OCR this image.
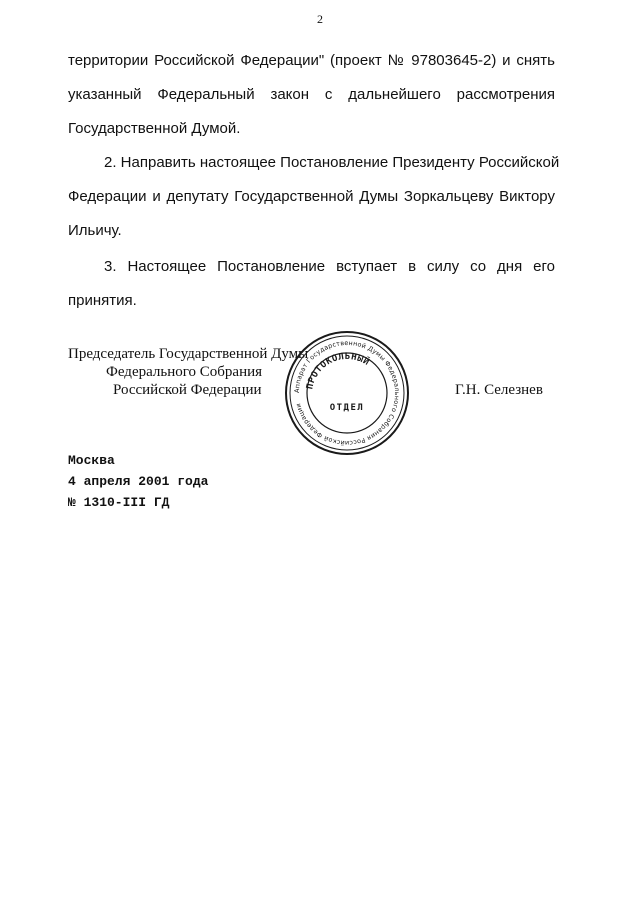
2
территории Российской Федерации" (проект № 97803645-2) и снять
указанный Федеральный закон с дальнейшего рассмотрения
Государственной Думой.
2. Направить настоящее Постановление Президенту Российской
Федерации и депутату Государственной Думы Зоркальцеву Виктору
Ильичу.
3. Настоящее Постановление вступает в силу со дня его
принятия.
Председатель Государственной Думы
Федерального Собрания
Российской Федерации	Г.Н. Селезнев
Аппарат Государственной Думы Федерального Собрания Российской Федерации
ПРОТОКОЛЬНЫЙ
ОТДЕЛ
Москва
4 апреля 2001 года
№ 1310-III ГД
